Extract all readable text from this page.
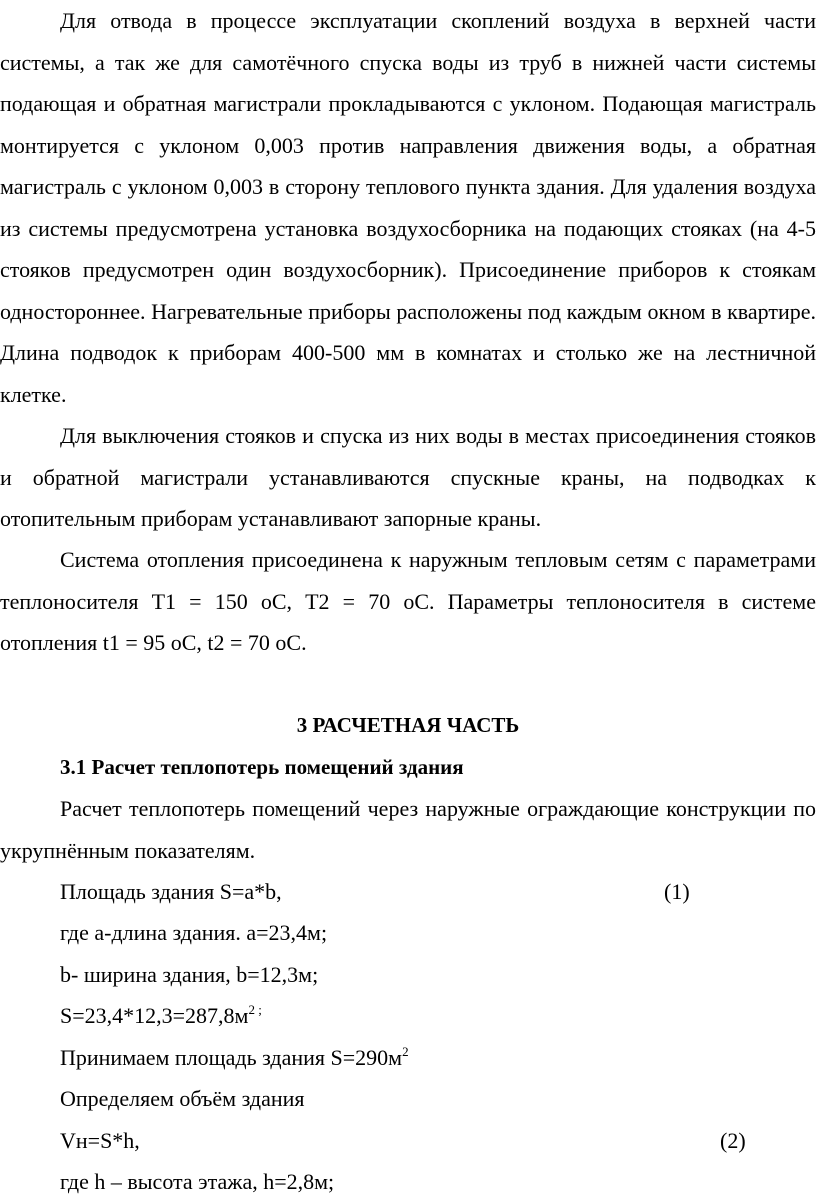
Для отвода в процессе эксплуатации скоплений воздуха в верхней части системы, а так же для самотёчного спуска воды из труб в нижней части системы подающая и обратная магистрали прокладываются с уклоном. Подающая магистраль монтируется с уклоном 0,003 против направления движения воды, а обратная магистраль с уклоном 0,003 в сторону теплового пункта здания. Для удаления воздуха из системы предусмотрена установка воздухосборника на подающих стояках (на 4-5 стояков предусмотрен один воздухосборник). Присоединение приборов к стоякам одностороннее. Нагревательные приборы расположены под каждым окном в квартире. Длина подводок к приборам 400-500 мм в комнатах и столько же на лестничной клетке.

Для выключения стояков и спуска из них воды в местах присоединения стояков и обратной магистрали устанавливаются спускные краны, на подводках к отопительным приборам устанавливают запорные краны.

Система отопления присоединена к наружным тепловым сетям с параметрами теплоносителя Т1 = 150 оС, Т2 = 70 оС. Параметры теплоносителя в системе отопления t1 = 95 оС, t2 = 70 оС.

3 РАСЧЕТНАЯ ЧАСТЬ

3.1 Расчет теплопотерь помещений здания

Расчет теплопотерь помещений через наружные ограждающие конструкции по укрупнённым показателям.

Площадь здания S=a*b,	(1)

где а-длина здания. а=23,4м;

b- ширина здания, b=12,3м;

$S=23,4*12,3=287,8м^{2 ;}$

Принимаем площадь здания $S=290м^2$

Определяем объём здания

Vн=S*h,	(2)

где h – высота этажа, h=2,8м;
